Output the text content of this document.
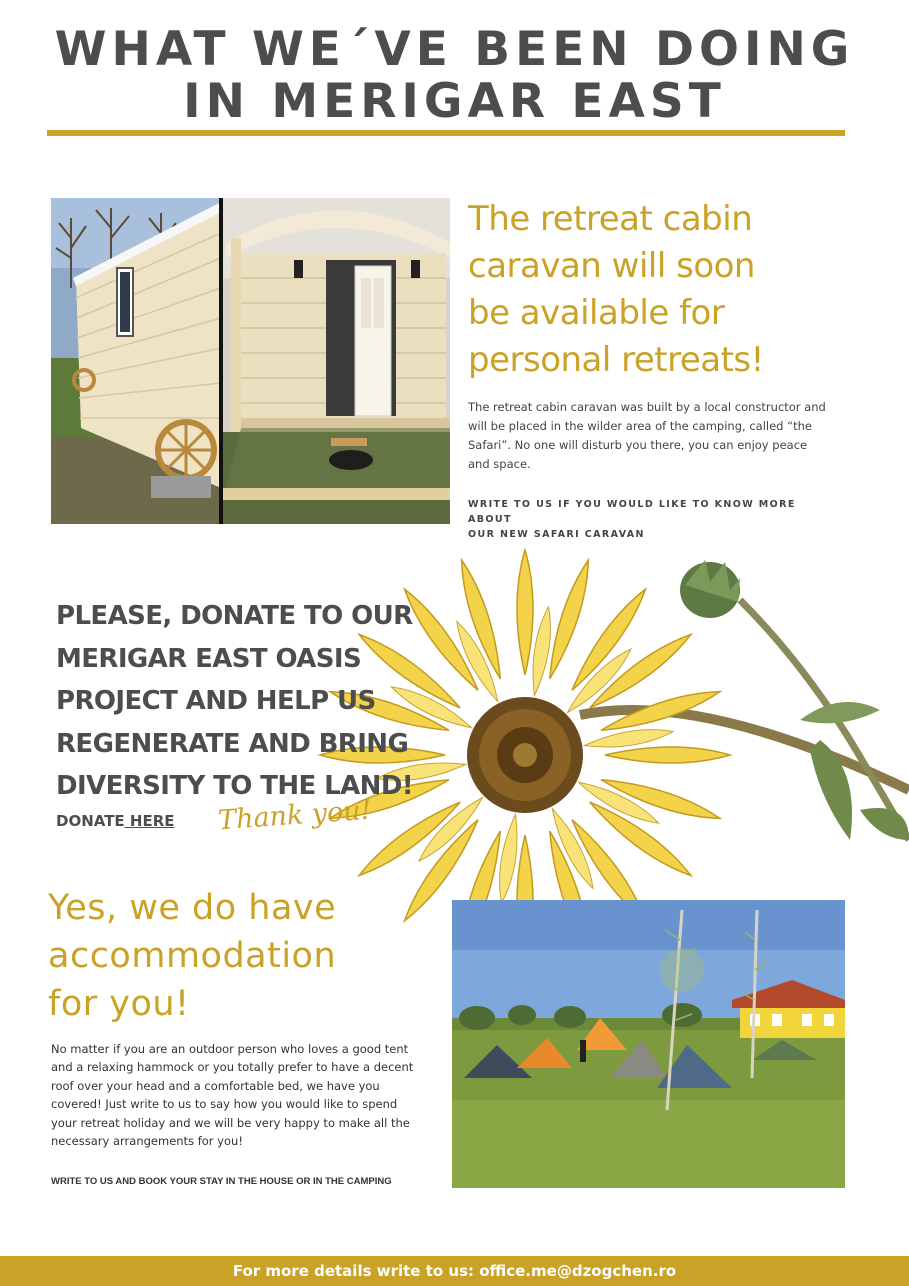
WHAT WE´VE BEEN DOING
IN MERIGAR EAST
The retreat cabin
caravan will soon
be available for
personal retreats!
The retreat cabin caravan was built by a local constructor and
will be placed in the wilder area of the camping, called “the
Safari”. No one will disturb you there, you can enjoy peace
and space.
WRITE TO US IF YOU WOULD LIKE TO KNOW MORE ABOUT
OUR NEW SAFARI CARAVAN
PLEASE, DONATE TO OUR
MERIGAR EAST OASIS
PROJECT AND HELP US
REGENERATE AND BRING
DIVERSITY TO THE LAND!
DONATE HERE Thank you!
Yes, we do have
accommodation
for you!
No matter if you are an outdoor person who loves a good tent
and a relaxing hammock or you totally prefer to have a decent
roof over your head and a comfortable bed, we have you
covered! Just write to us to say how you would like to spend
your retreat holiday and we will be very happy to make all the
necessary arrangements for you!
WRITE TO US AND BOOK YOUR STAY IN THE HOUSE OR IN THE CAMPING
For more details write to us: office.me@dzogchen.ro
